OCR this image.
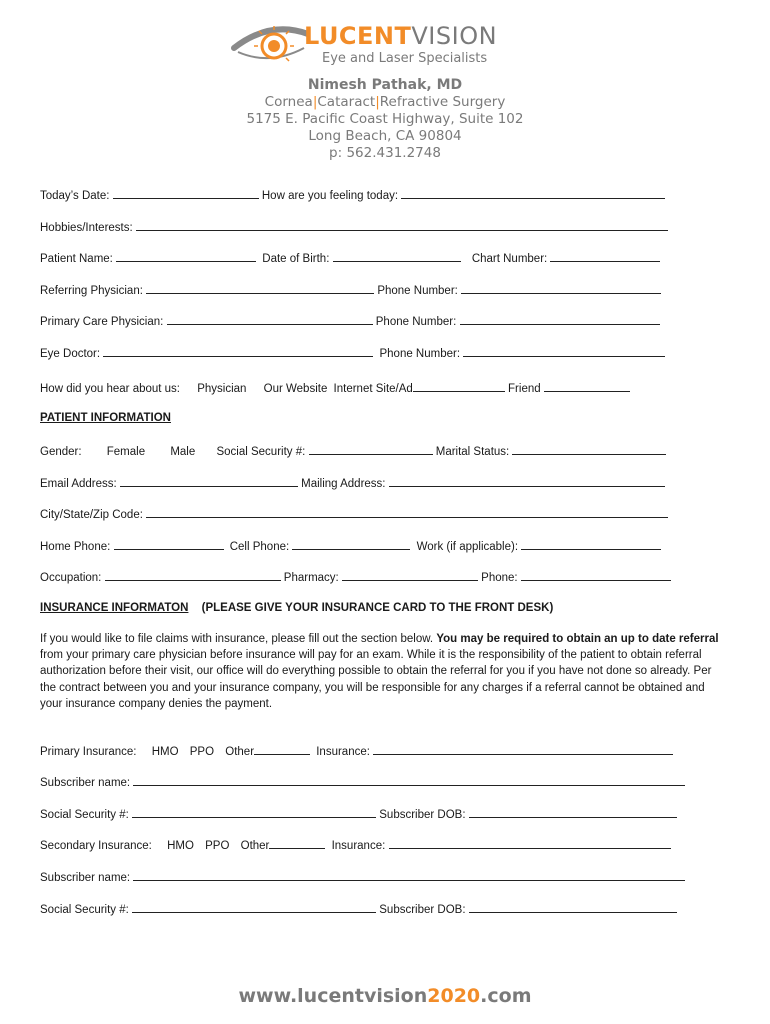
LUCENTVISION
Eye and Laser Specialists
Nimesh Pathak, MD
Cornea|Cataract|Refractive Surgery
5175 E. Pacific Coast Highway, Suite 102
Long Beach, CA 90804
p: 562.431.2748
Today’s Date:	How are you feeling today:
Hobbies/Interests:
Patient Name:	Date of Birth:	Chart Number:
Referring Physician:	Phone Number:
Primary Care Physician:	Phone Number:
Eye Doctor:	Phone Number:
How did you hear about us: Physician Our Website Internet Site/Ad	Friend
PATIENT INFORMATION
Gender: Female Male Social Security #:	Marital Status:
Email Address:	Mailing Address:
City/State/Zip Code:
Home Phone:	Cell Phone:	Work (if applicable):
Occupation:	Pharmacy:	Phone:
INSURANCE INFORMATON (PLEASE GIVE YOUR INSURANCE CARD TO THE FRONT DESK)
If you would like to file claims with insurance, please fill out the section below. You may be required to obtain an up to date referral from your primary care physician before insurance will pay for an exam. While it is the responsibility of the patient to obtain referral authorization before their visit, our office will do everything possible to obtain the referral for you if you have not done so already. Per the contract between you and your insurance company, you will be responsible for any charges if a referral cannot be obtained and your insurance company denies the payment.
Primary Insurance: HMO PPO Other	Insurance:
Subscriber name:
Social Security #:	Subscriber DOB:
Secondary Insurance: HMO PPO Other	Insurance:
Subscriber name:
Social Security #:	Subscriber DOB:
www.lucentvision2020.com
